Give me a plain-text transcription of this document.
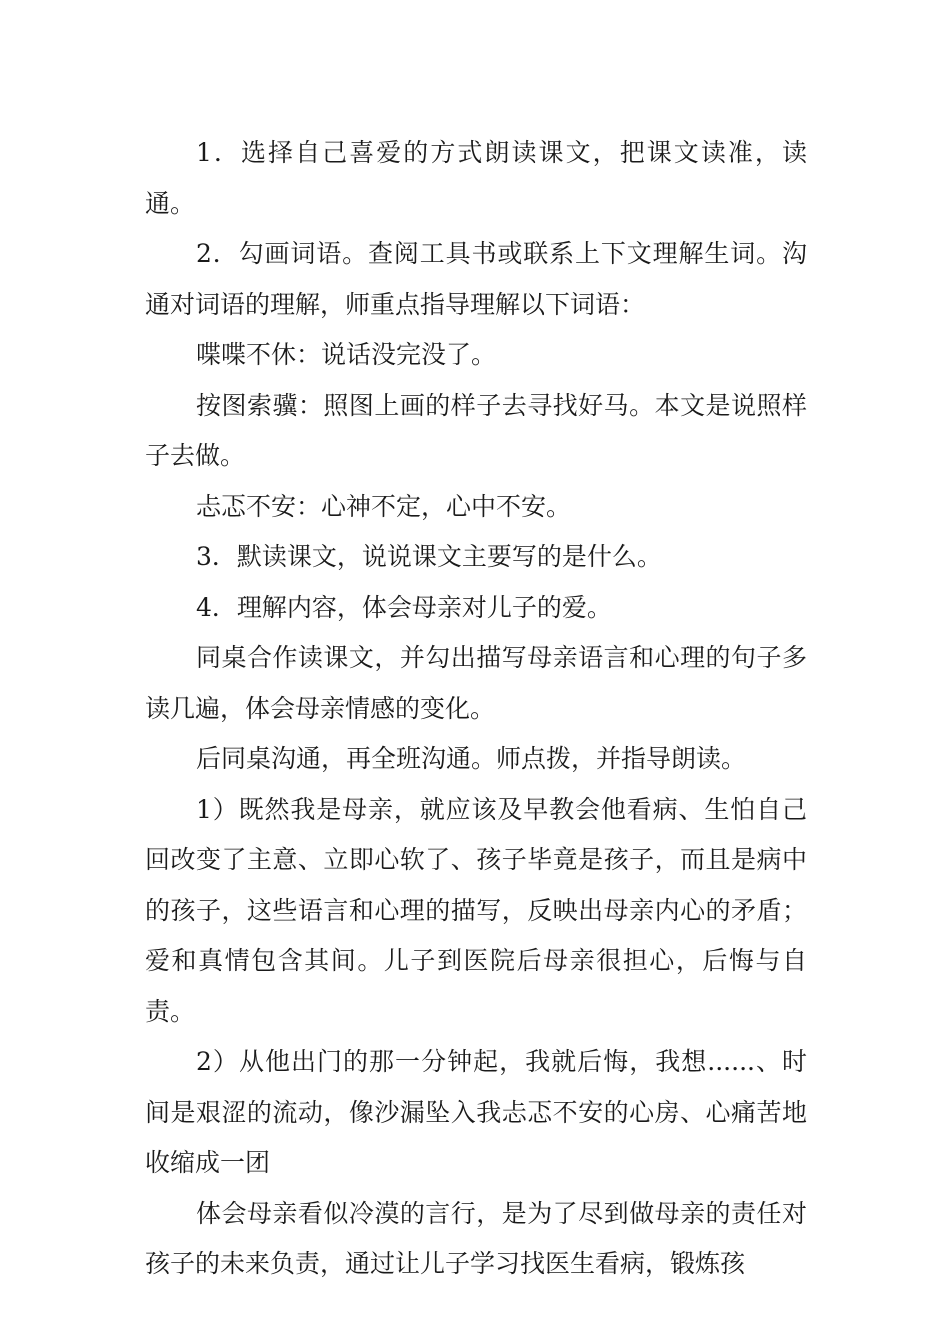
1．选择自己喜爱的方式朗读课文，把课文读准，读通。

2．勾画词语。查阅工具书或联系上下文理解生词。沟通对词语的理解，师重点指导理解以下词语：

喋喋不休：说话没完没了。

按图索骥：照图上画的样子去寻找好马。本文是说照样子去做。

忐忑不安：心神不定，心中不安。

3．默读课文，说说课文主要写的是什么。

4．理解内容，体会母亲对儿子的爱。

同桌合作读课文，并勾出描写母亲语言和心理的句子多读几遍，体会母亲情感的变化。

后同桌沟通，再全班沟通。师点拨，并指导朗读。

1）既然我是母亲，就应该及早教会他看病、生怕自己回改变了主意、立即心软了、孩子毕竟是孩子，而且是病中的孩子，这些语言和心理的描写，反映出母亲内心的矛盾；爱和真情包含其间。儿子到医院后母亲很担心，后悔与自责。

2）从他出门的那一分钟起，我就后悔，我想......、时间是艰涩的流动，像沙漏坠入我忐忑不安的心房、心痛苦地收缩成一团

体会母亲看似冷漠的言行，是为了尽到做母亲的责任对孩子的未来负责，通过让儿子学习找医生看病，锻炼孩
